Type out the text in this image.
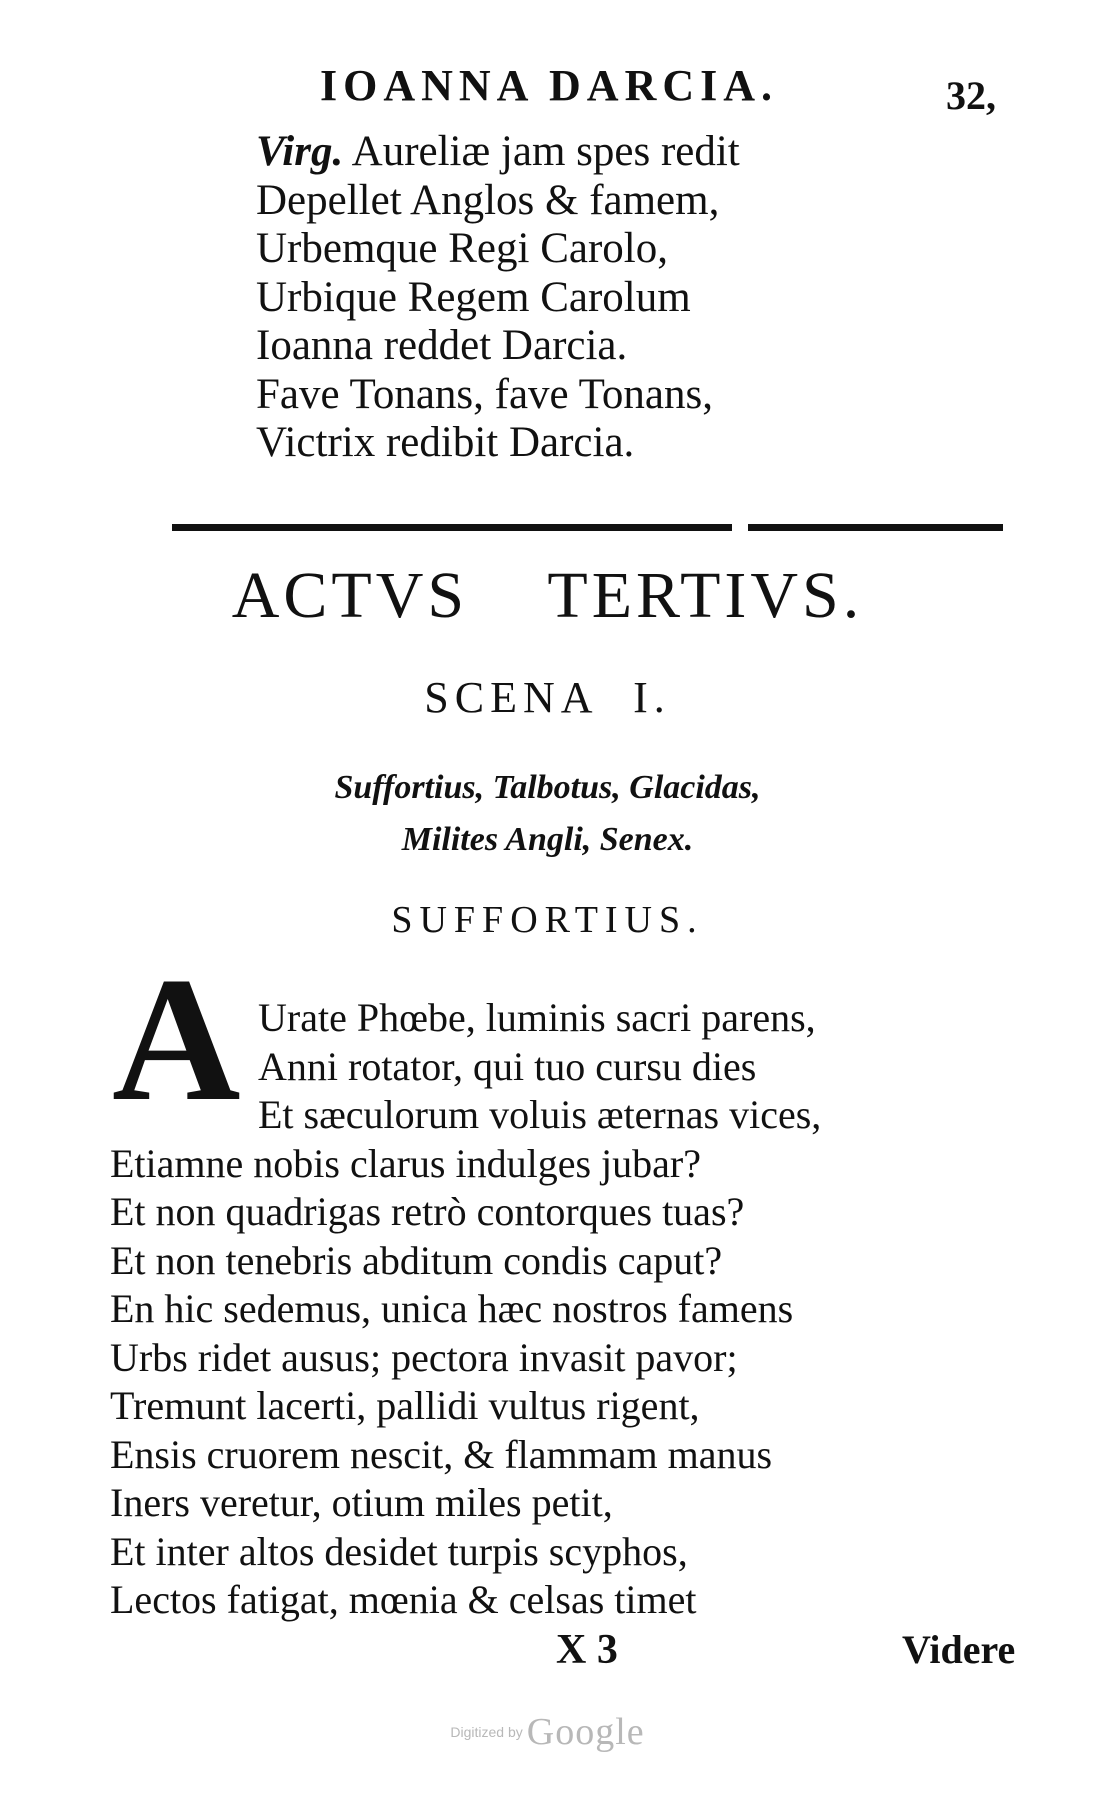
IOANNA DARCIA.	32,
Virg. Aureliæ jam spes redit
Depellet Anglos & famem,
Urbemque Regi Carolo,
Urbique Regem Carolum
Ioanna reddet Darcia.
Fave Tonans, fave Tonans,
Victrix redibit Darcia.
ACTVS TERTIVS.
SCENA I.
Suffortius, Talbotus, Glacidas,
Milites Angli, Senex.
SUFFORTIUS.
A Urate Phœbe, luminis sacri parens,
Anni rotator, qui tuo cursu dies
Et sæculorum voluis æternas vices,
Etiamne nobis clarus indulges jubar?
Et non quadrigas retrò contorques tuas?
Et non tenebris abditum condis caput?
En hic sedemus, unica hæc nostros famens
Urbs ridet ausus; pectora invasit pavor;
Tremunt lacerti, pallidi vultus rigent,
Ensis cruorem nescit, & flammam manus
Iners veretur, otium miles petit,
Et inter altos desidet turpis scyphos,
Lectos fatigat, mœnia & celsas timet
X 3	Videre
Digitized by Google
